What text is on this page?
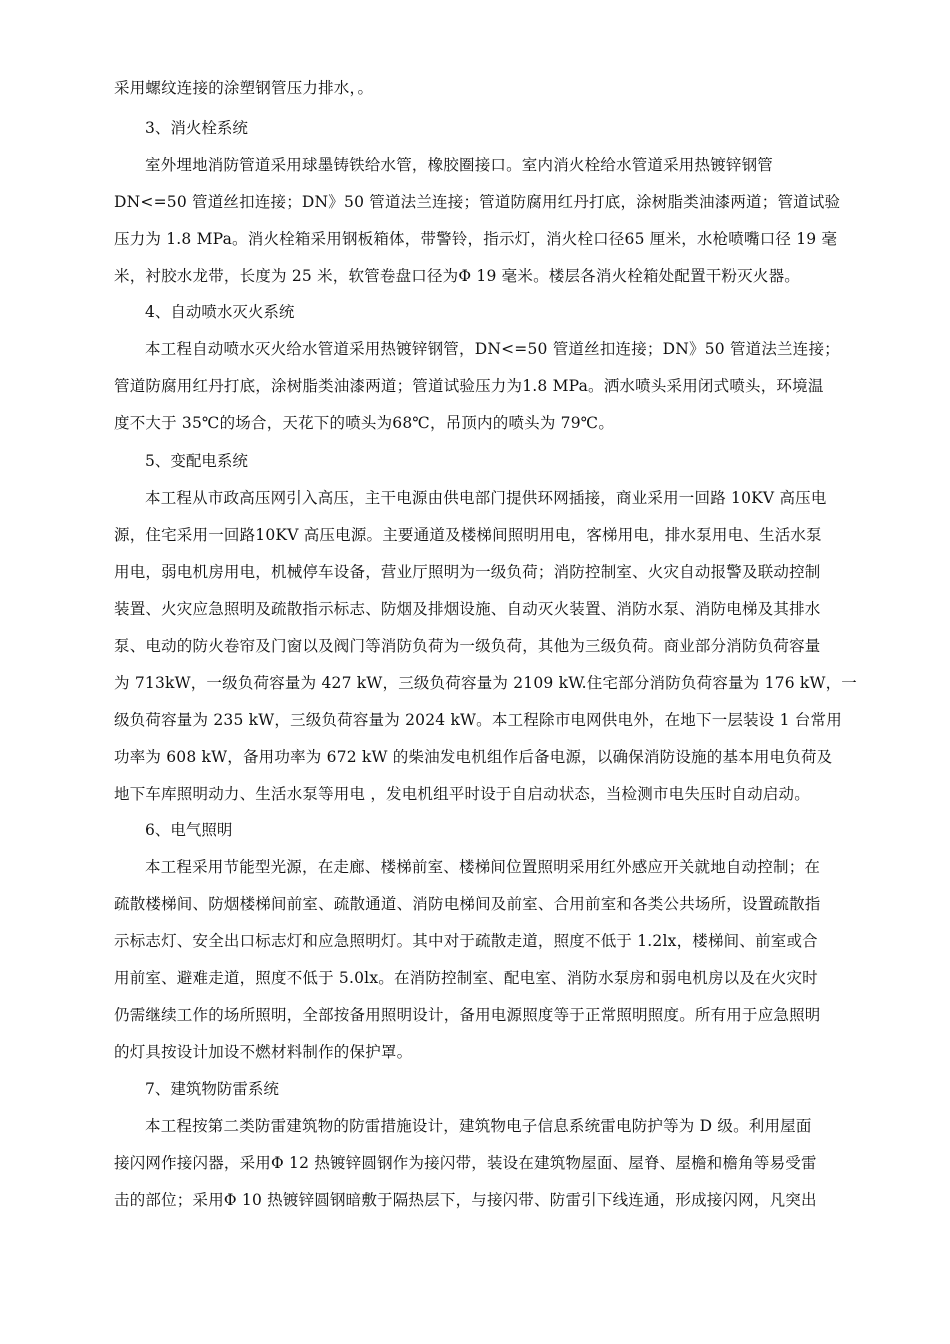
采用螺纹连接的涂塑钢管压力排水，。

3、消火栓系统

室外埋地消防管道采用球墨铸铁给水管，橡胶圈接口。室内消火栓给水管道采用热镀锌钢管
DN<=50 管道丝扣连接；DN》50 管道法兰连接；管道防腐用红丹打底，涂树脂类油漆两道；管道试验
压力为 1.8 MPa。消火栓箱采用钢板箱体，带警铃，指示灯，消火栓口径65 厘米，水枪喷嘴口径 19 毫
米，衬胶水龙带，长度为 25 米，软管卷盘口径为Φ 19 毫米。楼层各消火栓箱处配置干粉灭火器。

4、自动喷水灭火系统

本工程自动喷水灭火给水管道采用热镀锌钢管，DN<=50 管道丝扣连接；DN》50 管道法兰连接；
管道防腐用红丹打底，涂树脂类油漆两道；管道试验压力为1.8 MPa。洒水喷头采用闭式喷头，环境温
度不大于 35℃的场合，天花下的喷头为68℃，吊顶内的喷头为 79℃。

5、变配电系统

本工程从市政高压网引入高压，主干电源由供电部门提供环网插接，商业采用一回路 10KV 高压电
源，住宅采用一回路10KV 高压电源。主要通道及楼梯间照明用电，客梯用电，排水泵用电、生活水泵
用电，弱电机房用电，机械停车设备，营业厅照明为一级负荷；消防控制室、火灾自动报警及联动控制
装置、火灾应急照明及疏散指示标志、防烟及排烟设施、自动灭火装置、消防水泵、消防电梯及其排水
泵、电动的防火卷帘及门窗以及阀门等消防负荷为一级负荷，其他为三级负荷。商业部分消防负荷容量
为 713kW，一级负荷容量为 427 kW，三级负荷容量为 2109 kW.住宅部分消防负荷容量为 176 kW，一
级负荷容量为 235 kW，三级负荷容量为 2024 kW。本工程除市电网供电外，在地下一层装设 1 台常用
功率为 608 kW，备用功率为 672 kW 的柴油发电机组作后备电源，以确保消防设施的基本用电负荷及
地下车库照明动力、生活水泵等用电 ，发电机组平时设于自启动状态，当检测市电失压时自动启动。

6、电气照明

本工程采用节能型光源，在走廊、楼梯前室、楼梯间位置照明采用红外感应开关就地自动控制；在
疏散楼梯间、防烟楼梯间前室、疏散通道、消防电梯间及前室、合用前室和各类公共场所，设置疏散指
示标志灯、安全出口标志灯和应急照明灯。其中对于疏散走道，照度不低于 1.2lx，楼梯间、前室或合
用前室、避难走道，照度不低于 5.0lx。在消防控制室、配电室、消防水泵房和弱电机房以及在火灾时
仍需继续工作的场所照明，全部按备用照明设计，备用电源照度等于正常照明照度。所有用于应急照明
的灯具按设计加设不燃材料制作的保护罩。

7、建筑物防雷系统

本工程按第二类防雷建筑物的防雷措施设计，建筑物电子信息系统雷电防护等为 D 级。利用屋面
接闪网作接闪器，采用Φ 12 热镀锌圆钢作为接闪带，装设在建筑物屋面、屋脊、屋檐和檐角等易受雷
击的部位；采用Φ 10 热镀锌圆钢暗敷于隔热层下，与接闪带、防雷引下线连通，形成接闪网，凡突出
